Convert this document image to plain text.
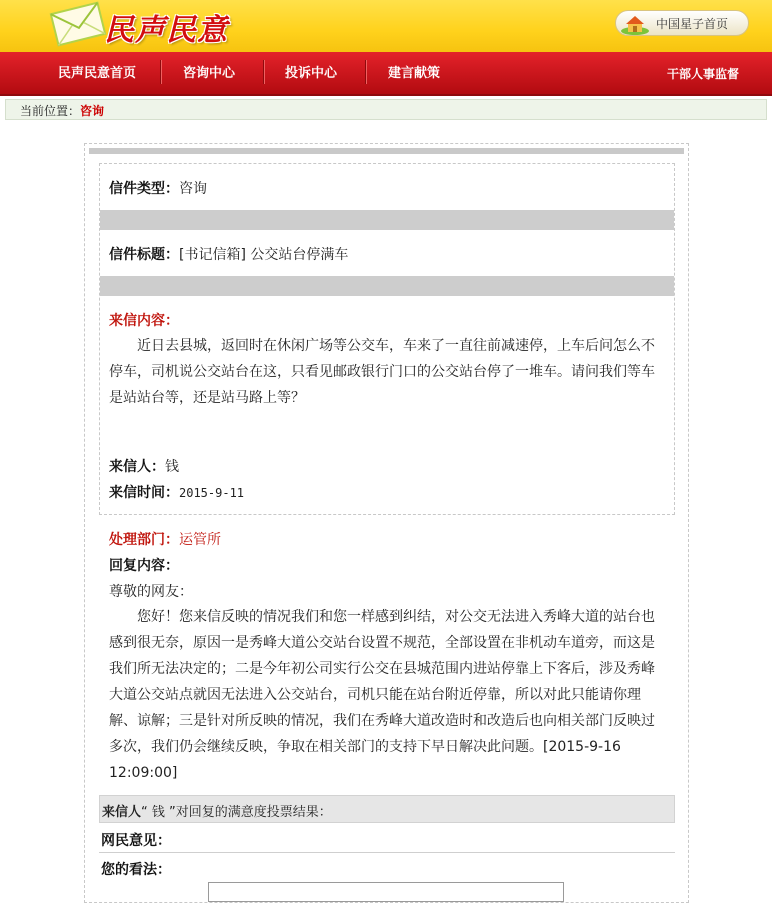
民声民意	中国星子首页
民声民意首页	咨询中心	投诉中心	建言献策	干部人事监督
当前位置：咨询
信件类型：咨询
信件标题：[书记信箱] 公交站台停满车
来信内容：
近日去县城，返回时在休闲广场等公交车，车来了一直往前减速停，上车后问怎么不
停车，司机说公交站台在这，只看见邮政银行门口的公交站台停了一堆车。请问我们等车
是站站台等，还是站马路上等？
来信人：钱
来信时间：2015-9-11
处理部门：运管所
回复内容：
尊敬的网友：
您好！您来信反映的情况我们和您一样感到纠结，对公交无法进入秀峰大道的站台也
感到很无奈，原因一是秀峰大道公交站台设置不规范，全部设置在非机动车道旁，而这是
我们所无法决定的；二是今年初公司实行公交在县城范围内进站停靠上下客后，涉及秀峰
大道公交站点就因无法进入公交站台，司机只能在站台附近停靠，所以对此只能请你理
解、谅解；三是针对所反映的情况，我们在秀峰大道改造时和改造后也向相关部门反映过
多次，我们仍会继续反映，争取在相关部门的支持下早日解决此问题。[2015-9-16
12:09:00]
来信人“ 钱 ”对回复的满意度投票结果：
网民意见：
您的看法：
